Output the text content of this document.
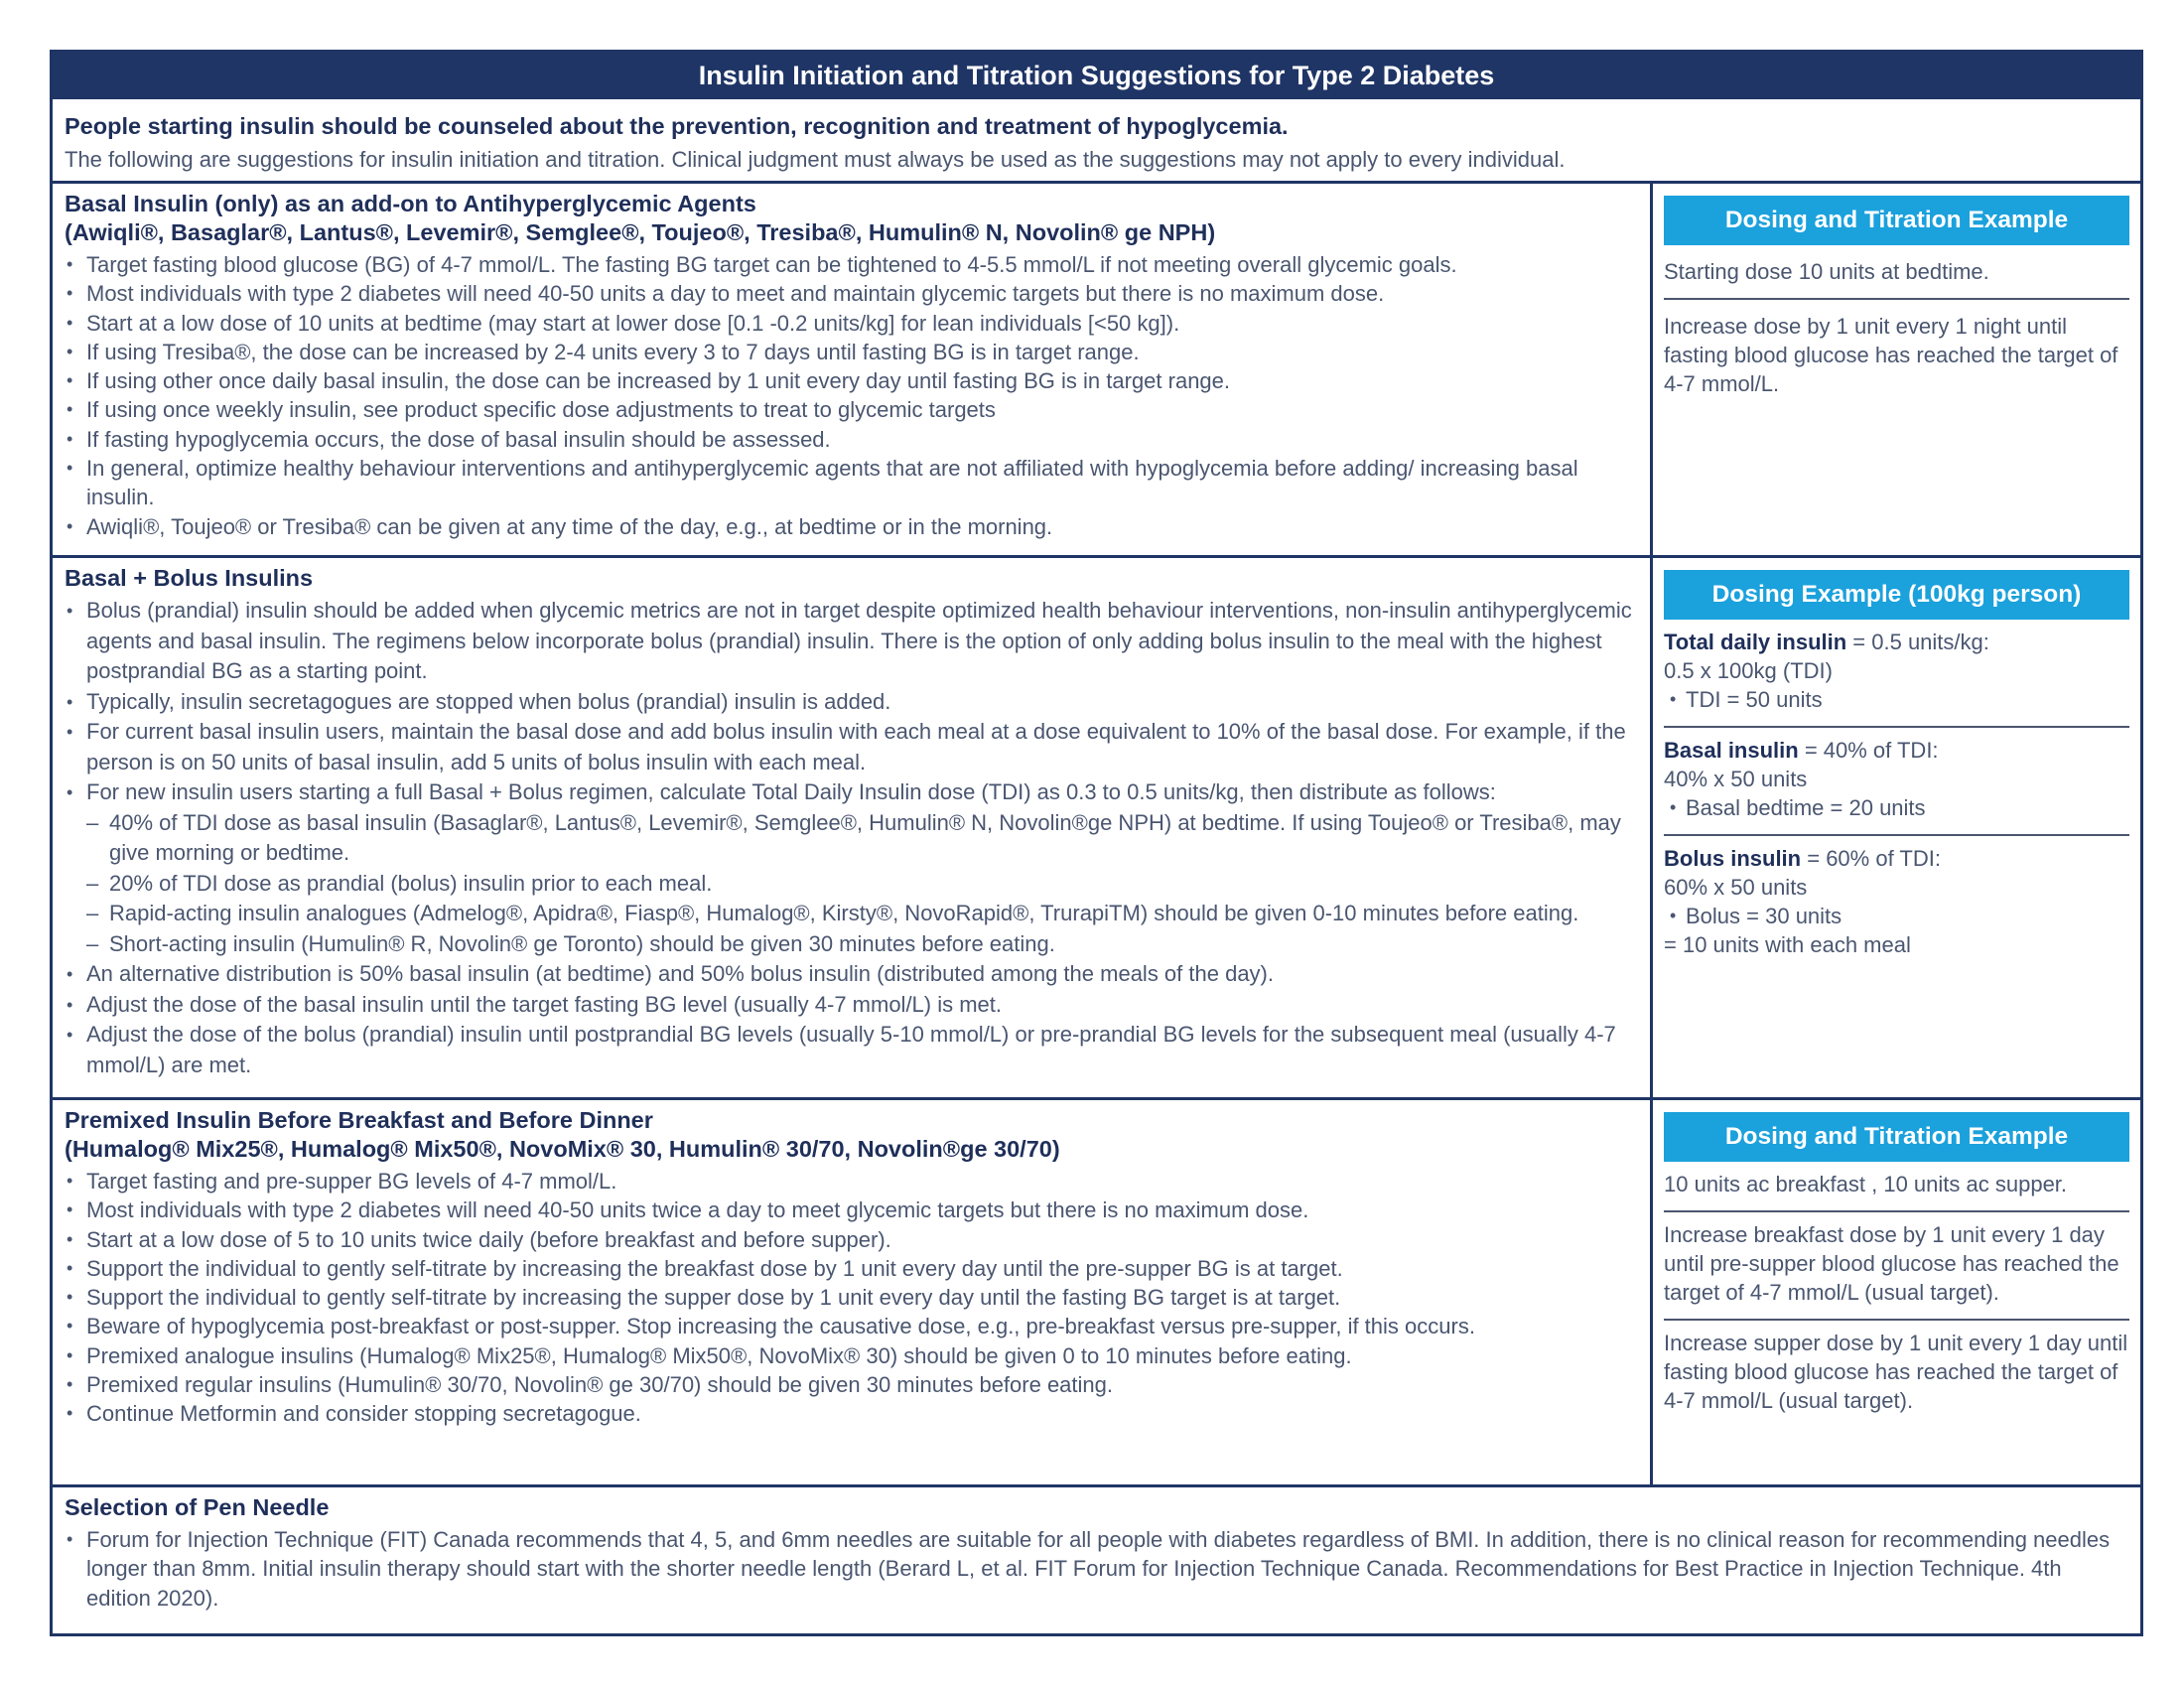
Insulin Initiation and Titration Suggestions for Type 2 Diabetes
People starting insulin should be counseled about the prevention, recognition and treatment of hypoglycemia.
The following are suggestions for insulin initiation and titration. Clinical judgment must always be used as the suggestions may not apply to every individual.
Basal Insulin (only) as an add-on to Antihyperglycemic Agents
(Awiqli®, Basaglar®, Lantus®, Levemir®, Semglee®, Toujeo®, Tresiba®, Humulin® N, Novolin® ge NPH)
• Target fasting blood glucose (BG) of 4-7 mmol/L. The fasting BG target can be tightened to 4-5.5 mmol/L if not meeting overall glycemic goals.
• Most individuals with type 2 diabetes will need 40-50 units a day to meet and maintain glycemic targets but there is no maximum dose.
• Start at a low dose of 10 units at bedtime (may start at lower dose [0.1 -0.2 units/kg] for lean individuals [<50 kg]).
• If using Tresiba®, the dose can be increased by 2-4 units every 3 to 7 days until fasting BG is in target range.
• If using other once daily basal insulin, the dose can be increased by 1 unit every day until fasting BG is in target range.
• If using once weekly insulin, see product specific dose adjustments to treat to glycemic targets
• If fasting hypoglycemia occurs, the dose of basal insulin should be assessed.
• In general, optimize healthy behaviour interventions and antihyperglycemic agents that are not affiliated with hypoglycemia before adding/ increasing basal insulin.
• Awiqli®, Toujeo® or Tresiba® can be given at any time of the day, e.g., at bedtime or in the morning.
Dosing and Titration Example
Starting dose 10 units at bedtime.
Increase dose by 1 unit every 1 night until fasting blood glucose has reached the target of 4-7 mmol/L.
Basal + Bolus Insulins
• Bolus (prandial) insulin should be added when glycemic metrics are not in target despite optimized health behaviour interventions, non-insulin antihyperglycemic agents and basal insulin. The regimens below incorporate bolus (prandial) insulin. There is the option of only adding bolus insulin to the meal with the highest postprandial BG as a starting point.
• Typically, insulin secretagogues are stopped when bolus (prandial) insulin is added.
• For current basal insulin users, maintain the basal dose and add bolus insulin with each meal at a dose equivalent to 10% of the basal dose. For example, if the person is on 50 units of basal insulin, add 5 units of bolus insulin with each meal.
• For new insulin users starting a full Basal + Bolus regimen, calculate Total Daily Insulin dose (TDI) as 0.3 to 0.5 units/kg, then distribute as follows:
– 40% of TDI dose as basal insulin (Basaglar®, Lantus®, Levemir®, Semglee®, Humulin® N, Novolin®ge NPH) at bedtime. If using Toujeo® or Tresiba®, may give morning or bedtime.
– 20% of TDI dose as prandial (bolus) insulin prior to each meal.
– Rapid-acting insulin analogues (Admelog®, Apidra®, Fiasp®, Humalog®, Kirsty®, NovoRapid®, TrurapiTM) should be given 0-10 minutes before eating.
– Short-acting insulin (Humulin® R, Novolin® ge Toronto) should be given 30 minutes before eating.
• An alternative distribution is 50% basal insulin (at bedtime) and 50% bolus insulin (distributed among the meals of the day).
• Adjust the dose of the basal insulin until the target fasting BG level (usually 4-7 mmol/L) is met.
• Adjust the dose of the bolus (prandial) insulin until postprandial BG levels (usually 5-10 mmol/L) or pre-prandial BG levels for the subsequent meal (usually 4-7 mmol/L) are met.
Dosing Example (100kg person)
Total daily insulin = 0.5 units/kg:
0.5 x 100kg (TDI)
• TDI = 50 units
Basal insulin = 40% of TDI:
40% x 50 units
• Basal bedtime = 20 units
Bolus insulin = 60% of TDI:
60% x 50 units
• Bolus = 30 units
= 10 units with each meal
Premixed Insulin Before Breakfast and Before Dinner
(Humalog® Mix25®, Humalog® Mix50®, NovoMix® 30, Humulin® 30/70, Novolin®ge 30/70)
• Target fasting and pre-supper BG levels of 4-7 mmol/L.
• Most individuals with type 2 diabetes will need 40-50 units twice a day to meet glycemic targets but there is no maximum dose.
• Start at a low dose of 5 to 10 units twice daily (before breakfast and before supper).
• Support the individual to gently self-titrate by increasing the breakfast dose by 1 unit every day until the pre-supper BG is at target.
• Support the individual to gently self-titrate by increasing the supper dose by 1 unit every day until the fasting BG target is at target.
• Beware of hypoglycemia post-breakfast or post-supper. Stop increasing the causative dose, e.g., pre-breakfast versus pre-supper, if this occurs.
• Premixed analogue insulins (Humalog® Mix25®, Humalog® Mix50®, NovoMix® 30) should be given 0 to 10 minutes before eating.
• Premixed regular insulins (Humulin® 30/70, Novolin® ge 30/70) should be given 30 minutes before eating.
• Continue Metformin and consider stopping secretagogue.
Dosing and Titration Example
10 units ac breakfast , 10 units ac supper.
Increase breakfast dose by 1 unit every 1 day until pre-supper blood glucose has reached the target of 4-7 mmol/L (usual target).
Increase supper dose by 1 unit every 1 day until fasting blood glucose has reached the target of 4-7 mmol/L (usual target).
Selection of Pen Needle
• Forum for Injection Technique (FIT) Canada recommends that 4, 5, and 6mm needles are suitable for all people with diabetes regardless of BMI. In addition, there is no clinical reason for recommending needles longer than 8mm. Initial insulin therapy should start with the shorter needle length (Berard L, et al. FIT Forum for Injection Technique Canada. Recommendations for Best Practice in Injection Technique. 4th edition 2020).
